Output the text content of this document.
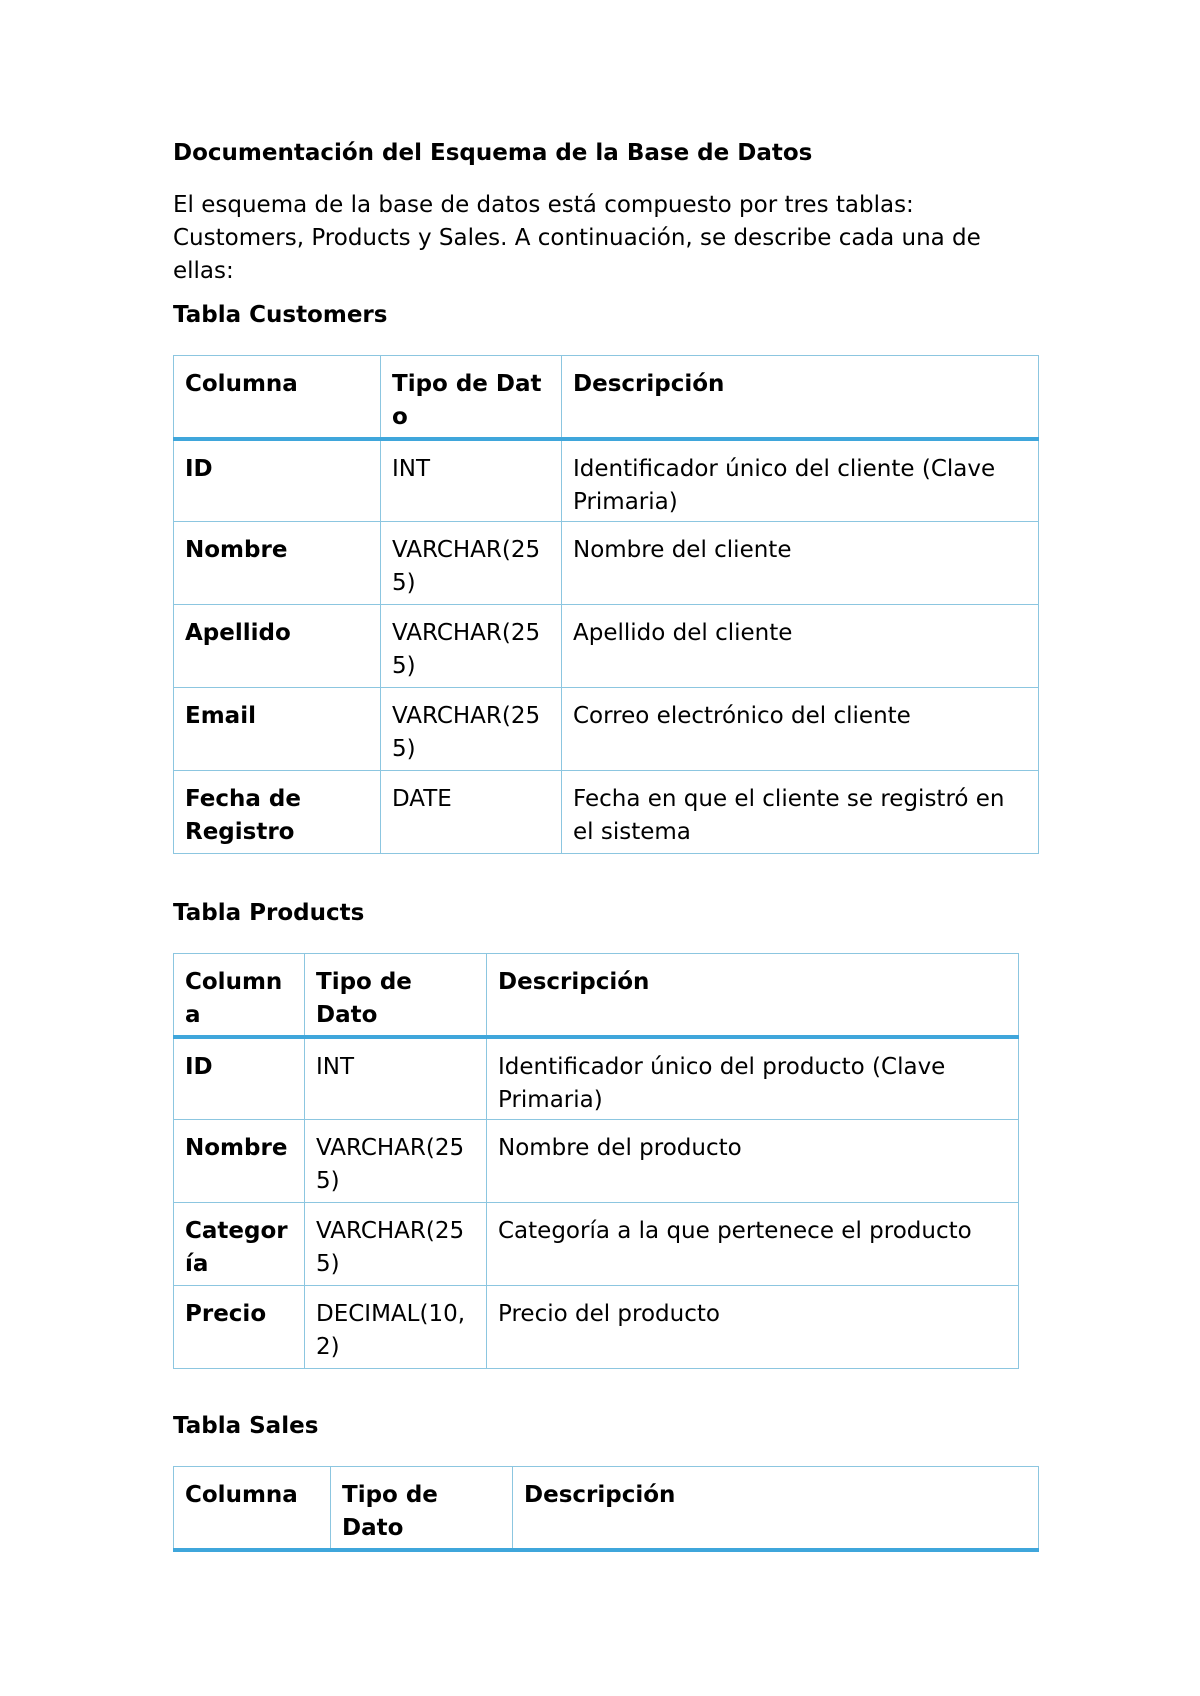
Documentación del Esquema de la Base de Datos

El esquema de la base de datos está compuesto por tres tablas: Customers, Products y Sales. A continuación, se describe cada una de ellas:

Tabla Customers
Columna	Tipo de Dato	Descripción
ID	INT	Identificador único del cliente (Clave Primaria)
Nombre	VARCHAR(255)	Nombre del cliente
Apellido	VARCHAR(255)	Apellido del cliente
Email	VARCHAR(255)	Correo electrónico del cliente
Fecha de Registro	DATE	Fecha en que el cliente se registró en el sistema
Tabla Products
Columna	Tipo de Dato	Descripción
ID	INT	Identificador único del producto (Clave Primaria)
Nombre	VARCHAR(255)	Nombre del producto
Categoría	VARCHAR(255)	Categoría a la que pertenece el producto
Precio	DECIMAL(10,2)	Precio del producto
Tabla Sales
Columna	Tipo de Dato	Descripción
